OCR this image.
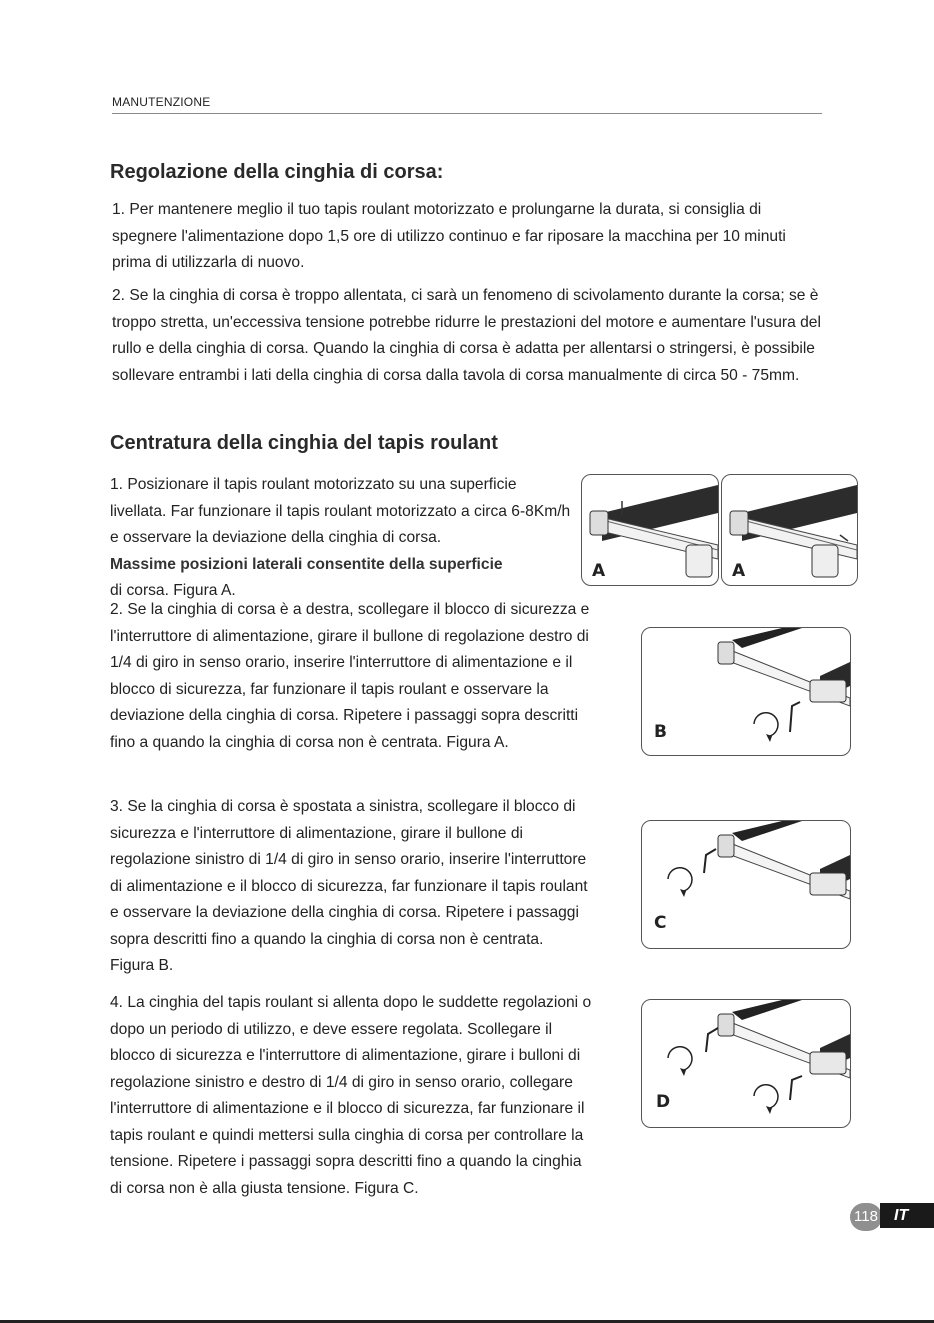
MANUTENZIONE
Regolazione della cinghia di corsa:

1. Per mantenere meglio il tuo tapis roulant motorizzato e prolungarne la durata, si consiglia di spegnere l'alimentazione dopo 1,5 ore di utilizzo continuo e far riposare la macchina per 10 minuti prima di utilizzarla di nuovo.

2. Se la cinghia di corsa è troppo allentata, ci sarà un fenomeno di scivolamento durante la corsa; se è troppo stretta, un'eccessiva tensione potrebbe ridurre le prestazioni del motore e aumentare l'usura del rullo e della cinghia di corsa. Quando la cinghia di corsa è adatta per allentarsi o stringersi, è possibile sollevare entrambi i lati della cinghia di corsa dalla tavola di corsa manualmente di circa 50 - 75mm.

Centratura della cinghia del tapis roulant

1. Posizionare il tapis roulant motorizzato su una superficie livellata. Far funzionare il tapis roulant motorizzato a circa 6-8Km/h e osservare la deviazione della cinghia di corsa.
Massime posizioni laterali consentite della superficie
di corsa. Figura A.

2. Se la cinghia di corsa è a destra, scollegare il blocco di sicurezza e l'interruttore di alimentazione, girare il bullone di regolazione destro di 1/4 di giro in senso orario, inserire l'interruttore di alimentazione e il blocco di sicurezza, far funzionare il tapis roulant e osservare la deviazione della cinghia di corsa. Ripetere i passaggi sopra descritti fino a quando la cinghia di corsa non è centrata. Figura A.

3. Se la cinghia di corsa è spostata a sinistra, scollegare il blocco di sicurezza e l'interruttore di alimentazione, girare il bullone di regolazione sinistro di 1/4 di giro in senso orario, inserire l'interruttore di alimentazione e il blocco di sicurezza, far funzionare il tapis roulant e osservare la deviazione della cinghia di corsa. Ripetere i passaggi sopra descritti fino a quando la cinghia di corsa non è centrata. Figura B.

4. La cinghia del tapis roulant si allenta dopo le suddette regolazioni o dopo un periodo di utilizzo, e deve essere regolata. Scollegare il blocco di sicurezza e l'interruttore di alimentazione, girare i bulloni di regolazione sinistro e destro di 1/4 di giro in senso orario, collegare l'interruttore di alimentazione e il blocco di sicurezza, far funzionare il tapis roulant e quindi mettersi sulla cinghia di corsa per controllare la tensione. Ripetere i passaggi sopra descritti fino a quando la cinghia di corsa non è alla giusta tensione. Figura C.

A	A
B
C
D
118	IT
